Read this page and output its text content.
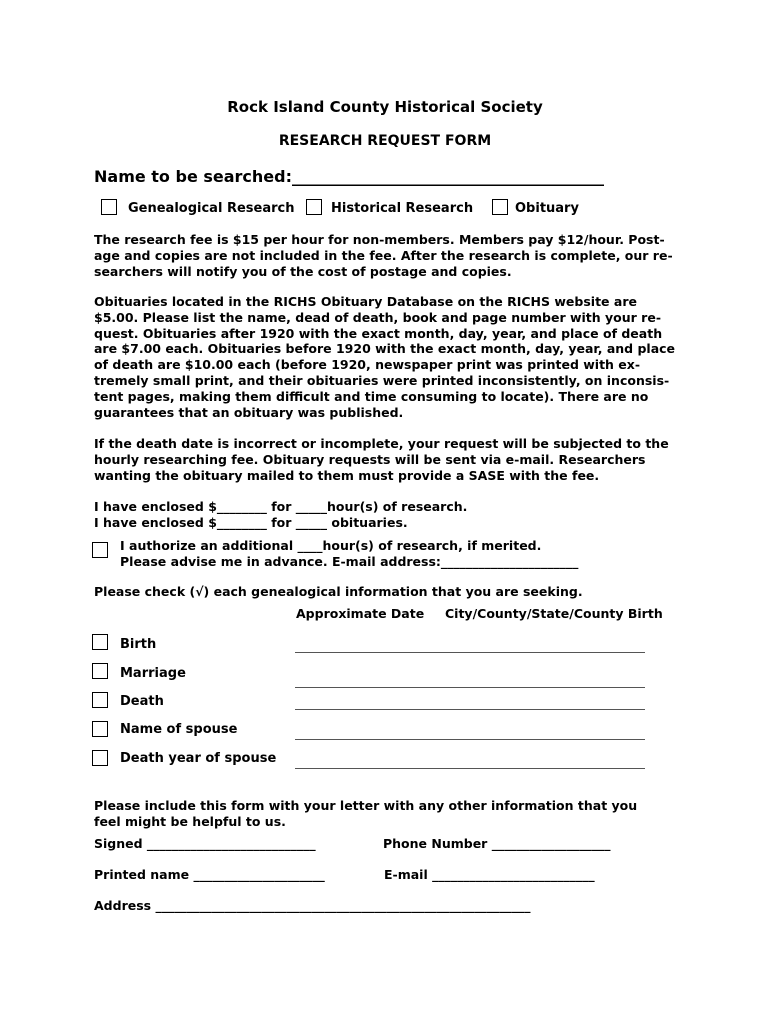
Rock Island County Historical Society
RESEARCH REQUEST FORM
Name to be searched:_______________________________________
Genealogical Research	Historical Research	Obituary
The research fee is $15 per hour for non-members. Members pay $12/hour. Post-
age and copies are not included in the fee. After the research is complete, our re-
searchers will notify you of the cost of postage and copies.
Obituaries located in the RICHS Obituary Database on the RICHS website are
$5.00. Please list the name, dead of death, book and page number with your re-
quest. Obituaries after 1920 with the exact month, day, year, and place of death
are $7.00 each. Obituaries before 1920 with the exact month, day, year, and place
of death are $10.00 each (before 1920, newspaper print was printed with ex-
tremely small print, and their obituaries were printed inconsistently, on inconsis-
tent pages, making them difficult and time consuming to locate). There are no
guarantees that an obituary was published.
If the death date is incorrect or incomplete, your request will be subjected to the
hourly researching fee. Obituary requests will be sent via e-mail. Researchers
wanting the obituary mailed to them must provide a SASE with the fee.
I have enclosed $________ for _____hour(s) of research.
I have enclosed $________ for _____ obituaries.
I authorize an additional ____hour(s) of research, if merited.
Please advise me in advance. E-mail address:______________________
Please check (√) each genealogical information that you are seeking.
Approximate Date City/County/State/County Birth
Birth
Marriage
Death
Name of spouse
Death year of spouse
Please include this form with your letter with any other information that you
feel might be helpful to us.
Signed ___________________________	Phone Number ___________________
Printed name _____________________	E-mail __________________________
Address ____________________________________________________________
